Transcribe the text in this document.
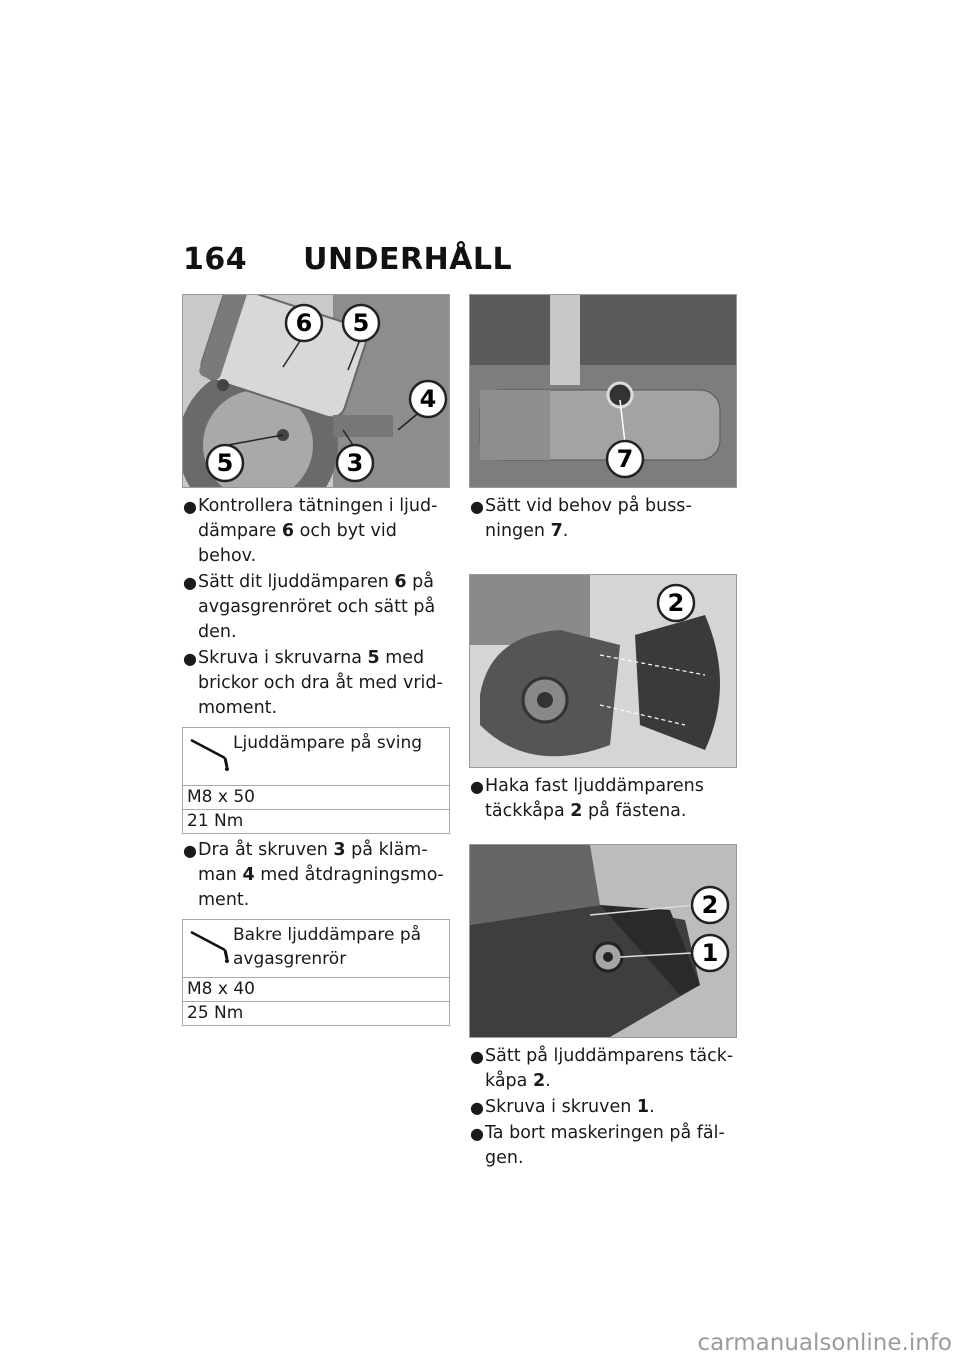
164 UNDERHÅLL
6 5
4
5	3
● Kontrollera tätningen i ljuddämpare 6 och byt vid behov.
● Sätt dit ljuddämparen 6 på avgasgrenröret och sätt på den.
● Skruva i skruvarna 5 med brickor och dra åt med vridmoment.
Ljuddämpare på sving
M8 x 50
21 Nm
● Dra åt skruven 3 på klämman 4 med åtdragningsmoment.
Bakre ljuddämpare på avgasgrenrör
M8 x 40
25 Nm
7
● Sätt vid behov på bussningen 7.
2
● Haka fast ljuddämparens täckkåpa 2 på fästena.
2
1
● Sätt på ljuddämparens täckkåpa 2.
● Skruva i skruven 1.
● Ta bort maskeringen på fälgen.
carmanualsonline.info
